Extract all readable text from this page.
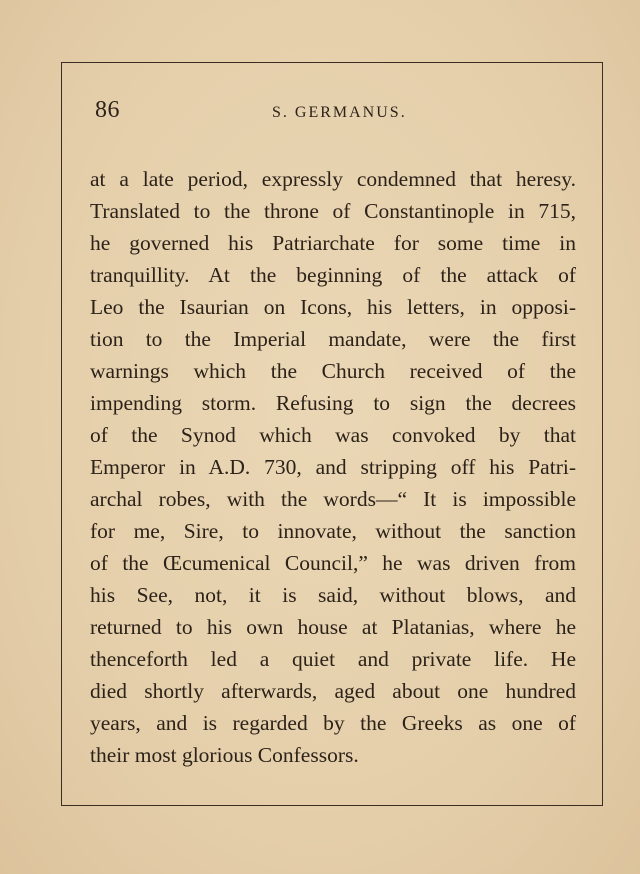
86	S. GERMANUS.
at a late period, expressly condemned that heresy.
Translated to the throne of Constantinople in 715,
he governed his Patriarchate for some time in
tranquillity. At the beginning of the attack of
Leo the Isaurian on Icons, his letters, in opposi-
tion to the Imperial mandate, were the first
warnings which the Church received of the
impending storm. Refusing to sign the decrees
of the Synod which was convoked by that
Emperor in A.D. 730, and stripping off his Patri-
archal robes, with the words—“ It is impossible
for me, Sire, to innovate, without the sanction
of the Œcumenical Council,” he was driven from
his See, not, it is said, without blows, and
returned to his own house at Platanias, where he
thenceforth led a quiet and private life. He
died shortly afterwards, aged about one hundred
years, and is regarded by the Greeks as one of
their most glorious Confessors.
